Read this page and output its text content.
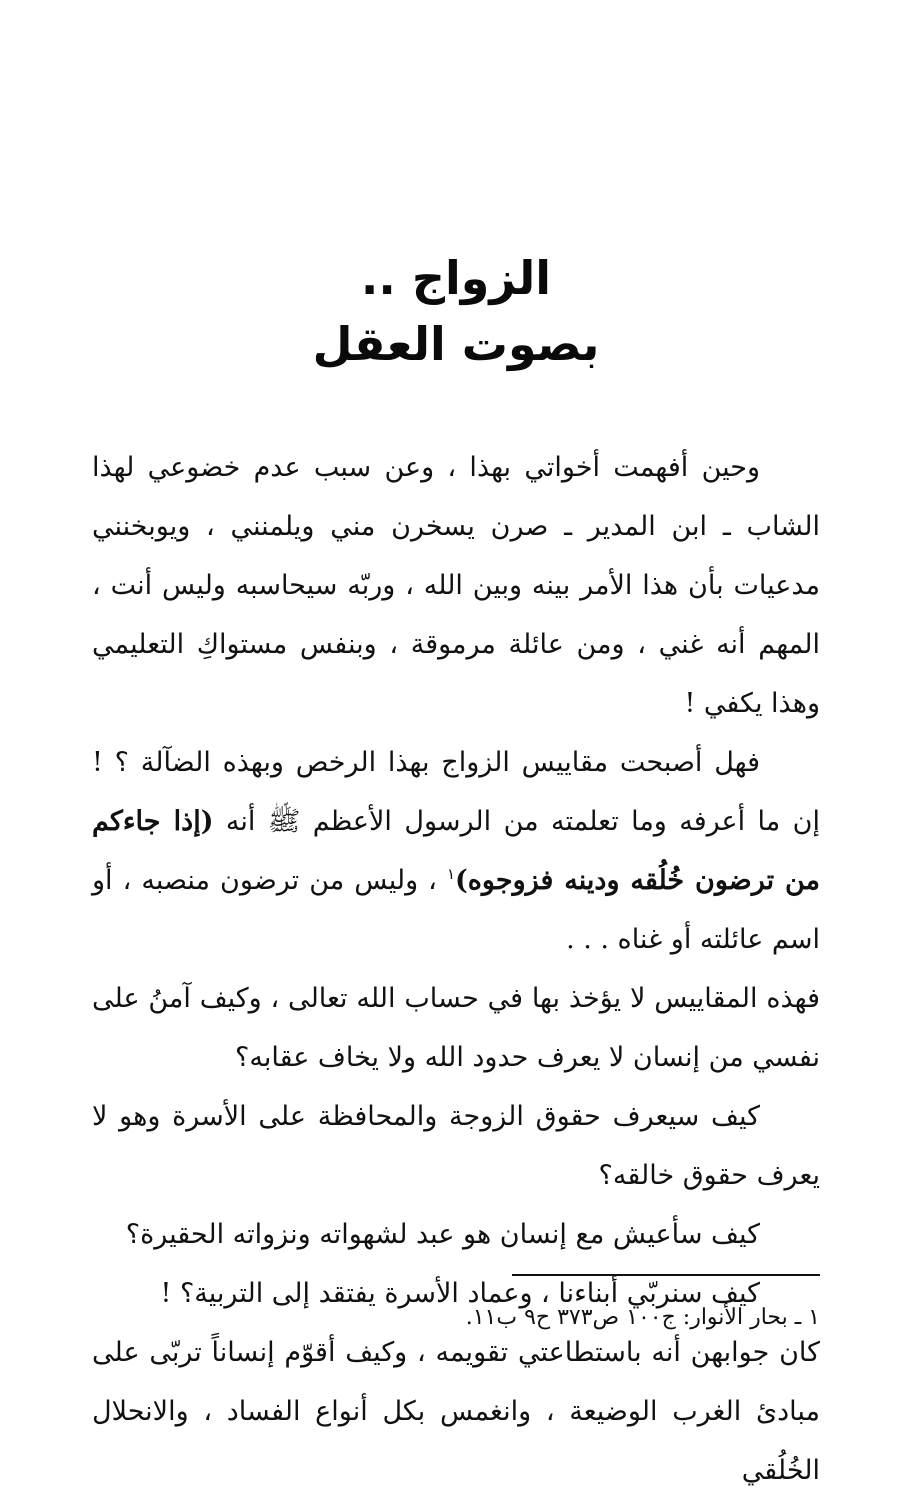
الزواج ..
بصوت العقل

وحين أفهمت أخواتي بهذا ، وعن سبب عدم خضوعي لهذا الشاب ـ ابن المدير ـ صرن يسخرن مني ويلمنني ، ويوبخنني مدعيات بأن هذا الأمر بينه وبين الله ، وربّه سيحاسبه وليس أنت ، المهم أنه غني ، ومن عائلة مرموقة ، وبنفس مستواكِ التعليمي وهذا يكفي !

فهل أصبحت مقاييس الزواج بهذا الرخص وبهذه الضآلة ؟ ! إن ما أعرفه وما تعلمته من الرسول الأعظم ﷺ أنه (إذا جاءكم من ترضون خُلُقه ودينه فزوجوه)$^١$ ، وليس من ترضون منصبه ، أو اسم عائلته أو غناه . . .

فهذه المقاييس لا يؤخذ بها في حساب الله تعالى ، وكيف آمنُ على نفسي من إنسان لا يعرف حدود الله ولا يخاف عقابه؟

كيف سيعرف حقوق الزوجة والمحافظة على الأسرة وهو لا يعرف حقوق خالقه؟

كيف سأعيش مع إنسان هو عبد لشهواته ونزواته الحقيرة؟

كيف سنربّي أبناءنا ، وعماد الأسرة يفتقد إلى التربية؟ !

كان جوابهن أنه باستطاعتي تقويمه ، وكيف أقوّم إنساناً تربّى على مبادئ الغرب الوضيعة ، وانغمس بكل أنواع الفساد ، والانحلال الخُلُقي

١ ـ بحار الأنوار: ج١٠٠ ص٣٧٣ ح٩ ب١١.
